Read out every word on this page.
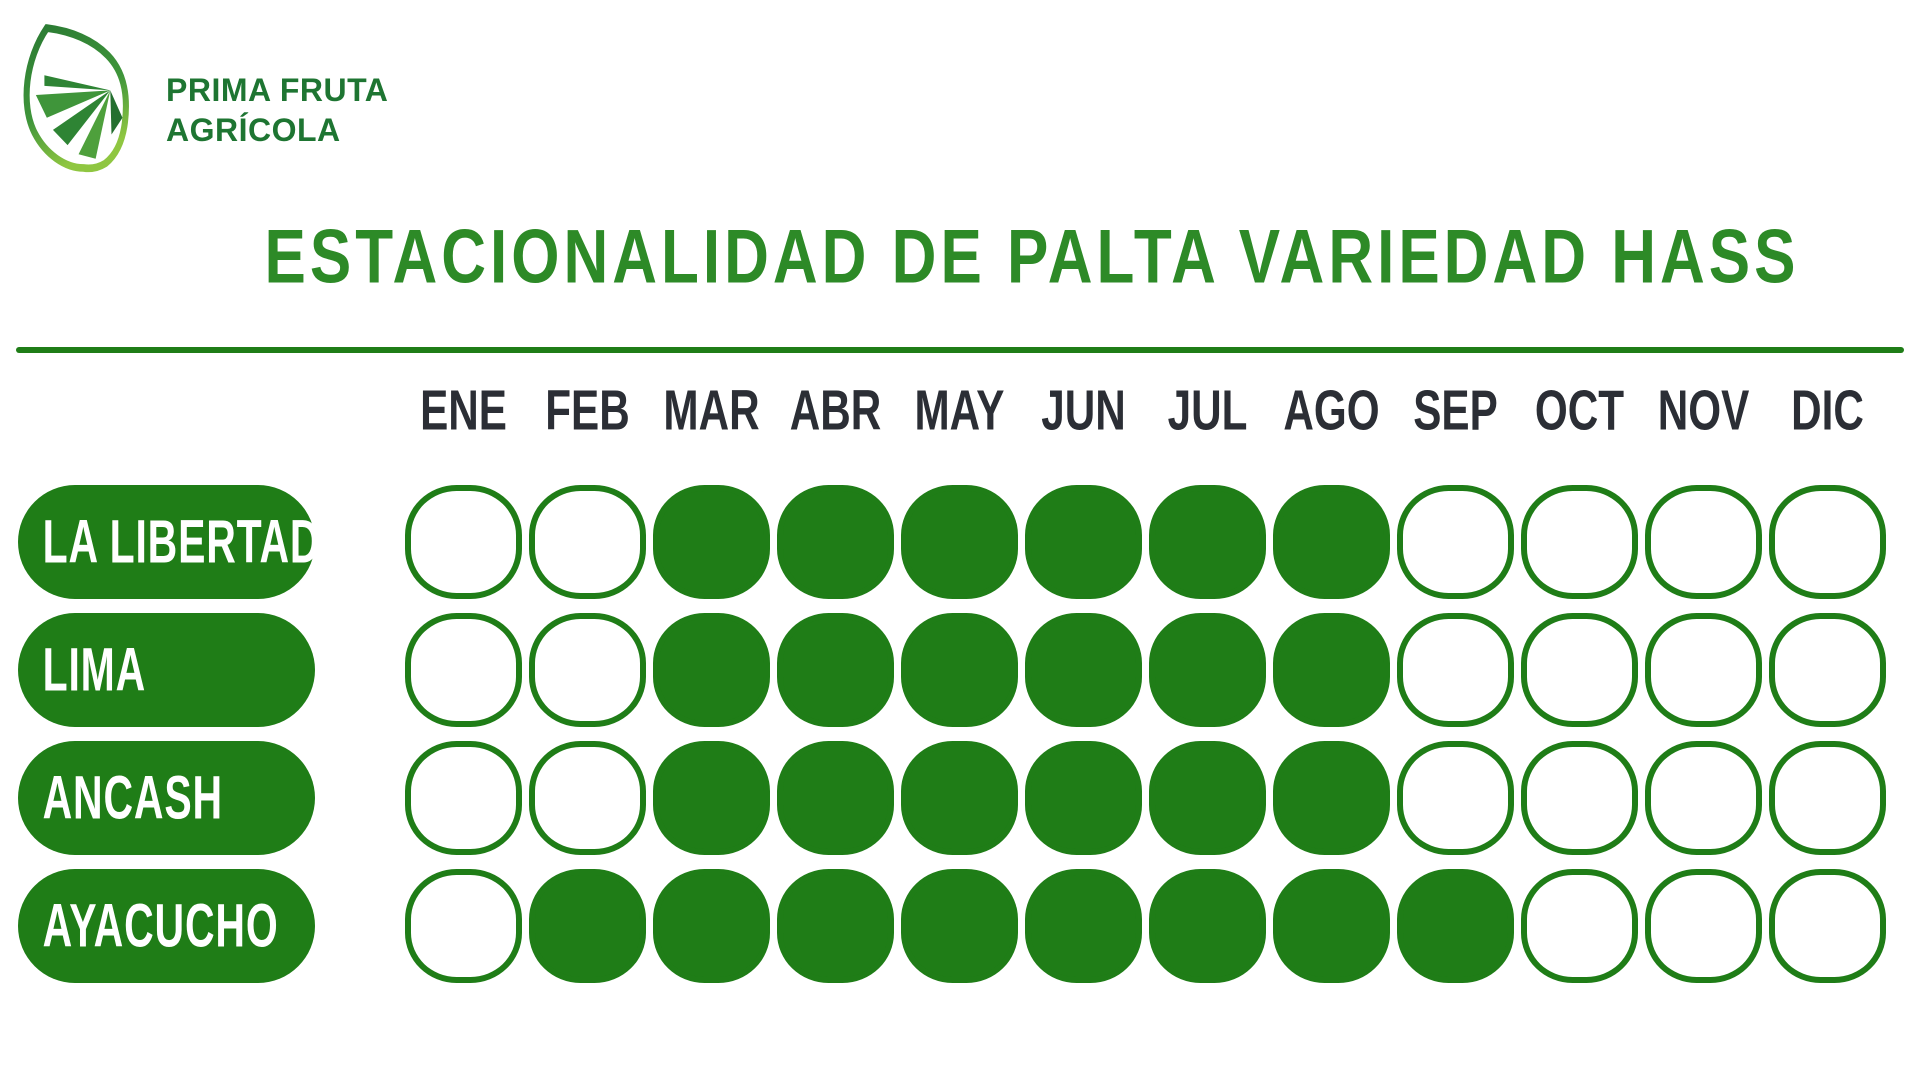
PRIMA FRUTA
AGRÍCOLA
ESTACIONALIDAD DE PALTA VARIEDAD HASS
ENE FEB MAR ABR MAY JUN JUL AGO SEP OCT NOV DIC
LA LIBERTAD
LIMA
ANCASH
AYACUCHO
